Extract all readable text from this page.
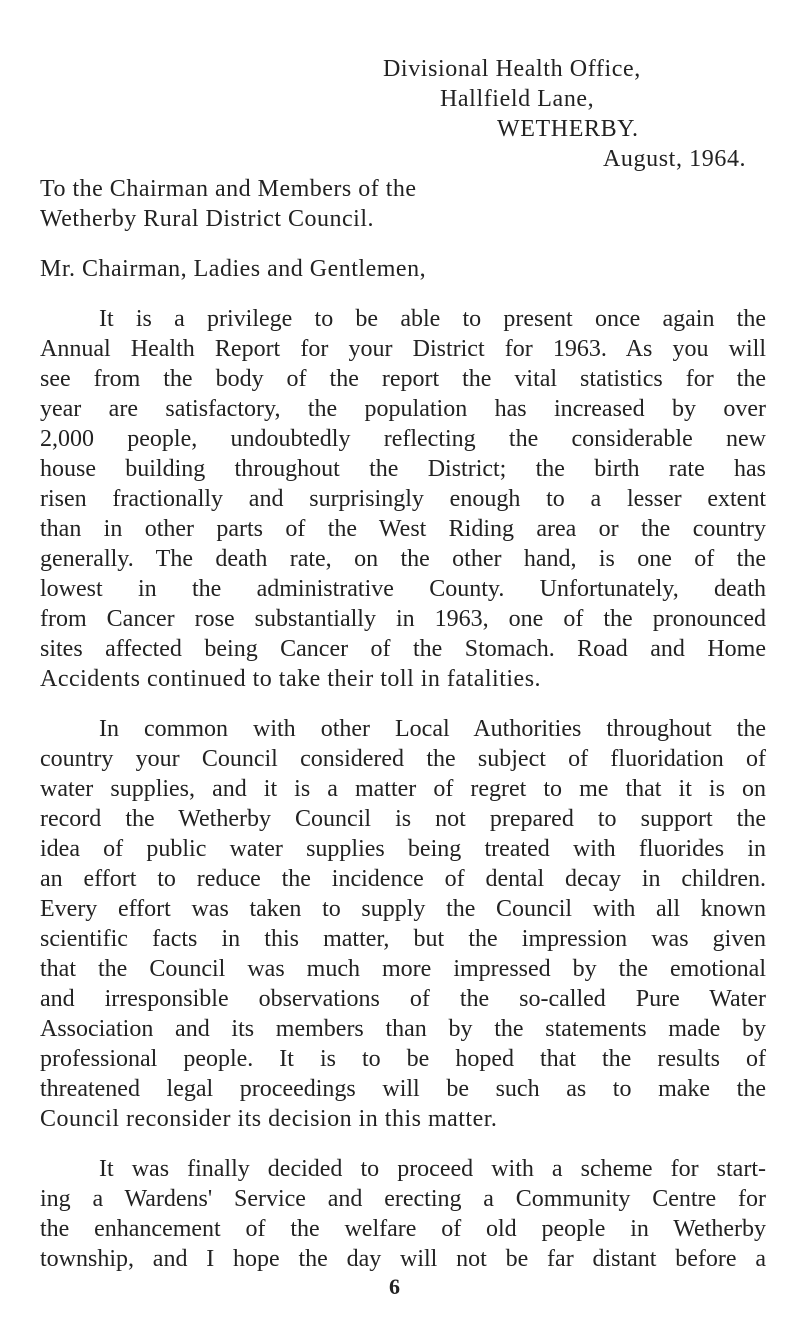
Divisional Health Office,
Hallfield Lane,
WETHERBY.
August, 1964.
To the Chairman and Members of the
Wetherby Rural District Council.
Mr. Chairman, Ladies and Gentlemen,
It is a privilege to be able to present once again the
Annual Health Report for your District for 1963. As you will
see from the body of the report the vital statistics for the
year are satisfactory, the population has increased by over
2,000 people, undoubtedly reflecting the considerable new
house building throughout the District; the birth rate has
risen fractionally and surprisingly enough to a lesser extent
than in other parts of the West Riding area or the country
generally. The death rate, on the other hand, is one of the
lowest in the administrative County. Unfortunately, death
from Cancer rose substantially in 1963, one of the pronounced
sites affected being Cancer of the Stomach. Road and Home
Accidents continued to take their toll in fatalities.
In common with other Local Authorities throughout the
country your Council considered the subject of fluoridation of
water supplies, and it is a matter of regret to me that it is on
record the Wetherby Council is not prepared to support the
idea of public water supplies being treated with fluorides in
an effort to reduce the incidence of dental decay in children.
Every effort was taken to supply the Council with all known
scientific facts in this matter, but the impression was given
that the Council was much more impressed by the emotional
and irresponsible observations of the so-called Pure Water
Association and its members than by the statements made by
professional people. It is to be hoped that the results of
threatened legal proceedings will be such as to make the
Council reconsider its decision in this matter.
It was finally decided to proceed with a scheme for start-
ing a Wardens' Service and erecting a Community Centre for
the enhancement of the welfare of old people in Wetherby
township, and I hope the day will not be far distant before a
6
